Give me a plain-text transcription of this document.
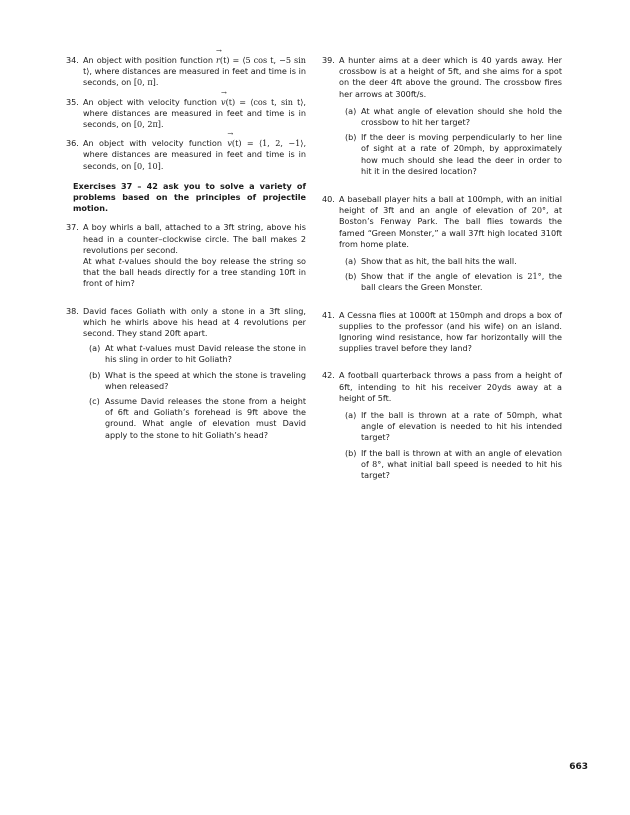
34. An object with position function → r(t) = ⟨5 cos t, −5 sin t⟩, where distances are measured in feet and time is in seconds, on [0, π].
35. An object with velocity function → v(t) = ⟨cos t, sin t⟩, where distances are measured in feet and time is in seconds, on [0, 2π].
36. An object with velocity function → v(t) = ⟨1, 2, −1⟩, where distances are measured in feet and time is in seconds, on [0, 10].
Exercises 37 – 42 ask you to solve a variety of problems based on the principles of projectile motion.
37. A boy whirls a ball, attached to a 3ft string, above his head in a counter–clockwise circle. The ball makes 2 revolutions per second.
At what t-values should the boy release the string so that the ball heads directly for a tree standing 10ft in front of him?
38. David faces Goliath with only a stone in a 3ft sling, which he whirls above his head at 4 revolutions per second. They stand 20ft apart.
(a) At what t-values must David release the stone in his sling in order to hit Goliath?
(b) What is the speed at which the stone is traveling when released?
(c) Assume David releases the stone from a height of 6ft and Goliath’s forehead is 9ft above the ground. What angle of elevation must David apply to the stone to hit Goliath’s head?
39. A hunter aims at a deer which is 40 yards away. Her crossbow is at a height of 5ft, and she aims for a spot on the deer 4ft above the ground. The crossbow fires her arrows at 300ft/s.
(a) At what angle of elevation should she hold the crossbow to hit her target?
(b) If the deer is moving perpendicularly to her line of sight at a rate of 20mph, by approximately how much should she lead the deer in order to hit it in the desired location?
40. A baseball player hits a ball at 100mph, with an initial height of 3ft and an angle of elevation of 20°, at Boston’s Fenway Park. The ball flies towards the famed “Green Monster,” a wall 37ft high located 310ft from home plate.
(a) Show that as hit, the ball hits the wall.
(b) Show that if the angle of elevation is 21°, the ball clears the Green Monster.
41. A Cessna flies at 1000ft at 150mph and drops a box of supplies to the professor (and his wife) on an island. Ignoring wind resistance, how far horizontally will the supplies travel before they land?
42. A football quarterback throws a pass from a height of 6ft, intending to hit his receiver 20yds away at a height of 5ft.
(a) If the ball is thrown at a rate of 50mph, what angle of elevation is needed to hit his intended target?
(b) If the ball is thrown at with an angle of elevation of 8°, what initial ball speed is needed to hit his target?
663
